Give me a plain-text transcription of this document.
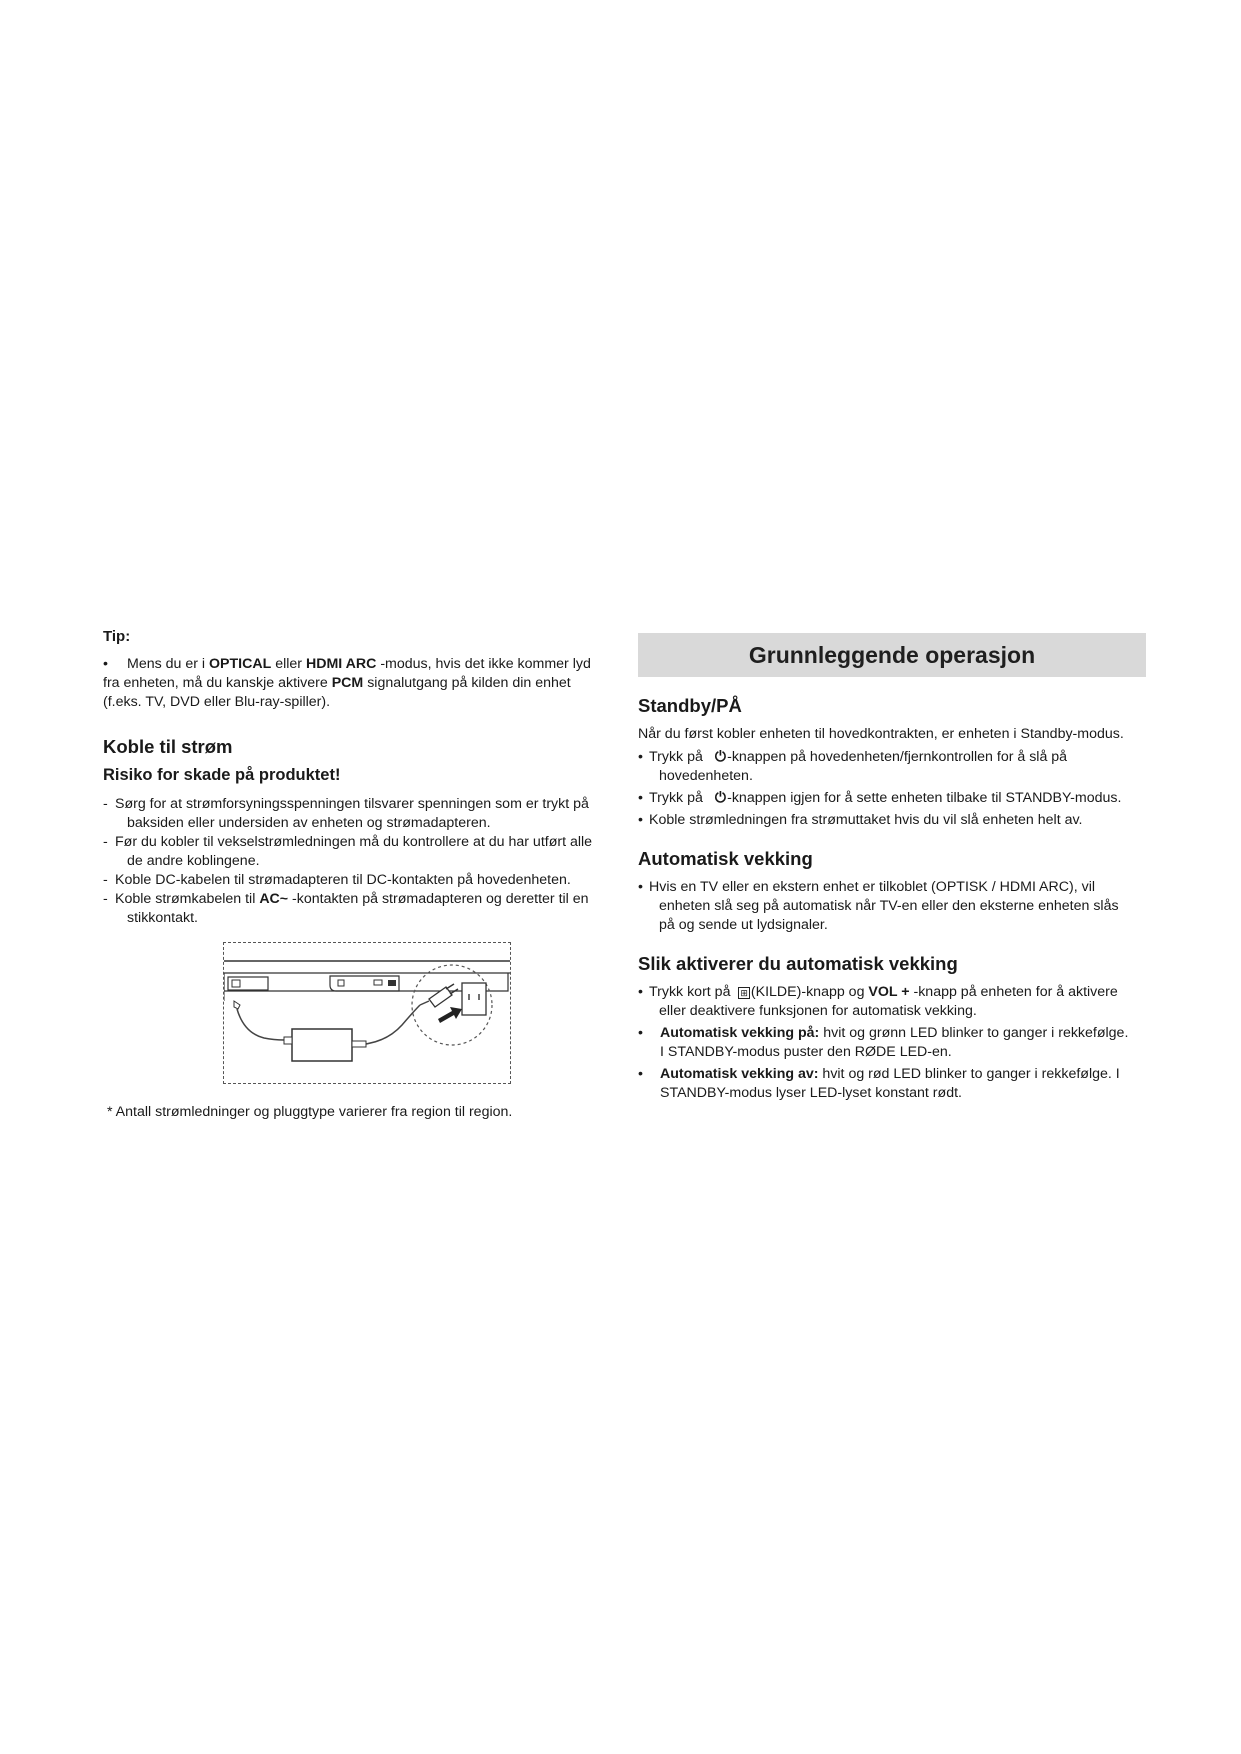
Tip:

• Mens du er i OPTICAL eller HDMI ARC -modus, hvis det ikke kommer lyd fra enheten, må du kanskje aktivere PCM signalutgang på kilden din enhet (f.eks. TV, DVD eller Blu-ray-spiller).
Koble til strøm
Risiko for skade på produktet!
- Sørg for at strømforsyningsspenningen tilsvarer spenningen som er trykt på baksiden eller undersiden av enheten og strømadapteren.
- Før du kobler til vekselstrømledningen må du kontrollere at du har utført alle de andre koblingene.
- Koble DC-kabelen til strømadapteren til DC-kontakten på hovedenheten.
- Koble strømkabelen til AC~ -kontakten på strømadapteren og deretter til en stikkontakt.

* Antall strømledninger og pluggtype varierer fra region til region.

Grunnleggende operasjon
Standby/PÅ

Når du først kobler enheten til hovedkontrakten, er enheten i Standby-modus.

• Trykk på ⏻-knappen på hovedenheten/fjernkontrollen for å slå på
hovedenheten.
• Trykk på ⏻-knappen igjen for å sette enheten tilbake til STANDBY-modus.
• Koble strømledningen fra strømuttaket hvis du vil slå enheten helt av.
Automatisk vekking
• Hvis en TV eller en ekstern enhet er tilkoblet (OPTISK / HDMI ARC), vil
enheten slå seg på automatisk når TV-en eller den eksterne enheten slås
på og sende ut lydsignaler.
Slik aktiverer du automatisk vekking
• Trykk kort på ⊞ (KILDE)-knapp og VOL + -knapp på enheten for å aktivere
eller deaktivere funksjonen for automatisk vekking.
•	Automatisk vekking på: hvit og grønn LED blinker to ganger i rekkefølge.
I STANDBY-modus puster den RØDE LED-en.
•	Automatisk vekking av: hvit og rød LED blinker to ganger i rekkefølge. I
STANDBY-modus lyser LED-lyset konstant rødt.
